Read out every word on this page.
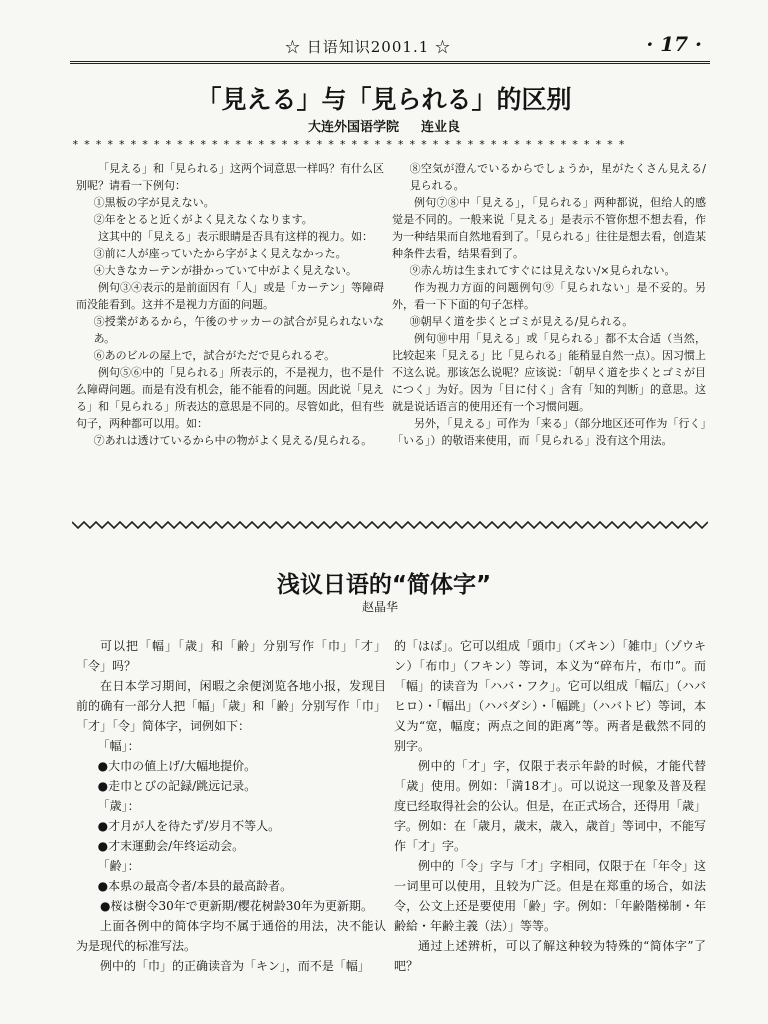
☆ 日语知识2001.1 ☆	· 17 ·
「見える」与「見られる」的区别
大连外国语学院 连业良
************************************************

「見える」和「見られる」这两个词意思一样吗？有什么区别呢？请看一下例句：

①黒板の字が見えない。

②年をとると近くがよく見えなくなります。

这其中的「見える」表示眼睛是否具有这样的视力。如：

③前に人が座っていたから字がよく見えなかった。

④大きなカーテンが掛かっていて中がよく見えない。

例句③④表示的是前面因有「人」或是「カーテン」等障碍而没能看到。这并不是视力方面的问题。

⑤授業があるから，午後のサッカーの試合が見られないなあ。

⑥あのビルの屋上で，試合がただで見られるぞ。

例句⑤⑥中的「見られる」所表示的，不是视力，也不是什么障碍问题。而是有没有机会，能不能看的问题。因此说「見える」和「見られる」所表达的意思是不同的。尽管如此，但有些句子，两种都可以用。如：

⑦あれは透けているから中の物がよく見える/見られる。

⑧空気が澄んでいるからでしょうか，星がたくさん見える/見られる。

例句⑦⑧中「見える」，「見られる」两种都说，但给人的感觉是不同的。一般来说「見える」是表示不管你想不想去看，作为一种结果而自然地看到了。「見られる」往往是想去看，创造某种条件去看，结果看到了。

⑨赤ん坊は生まれてすぐには見えない/×見られない。

作为视力方面的问题例句⑨「見られない」是不妥的。另外，看一下下面的句子怎样。

⑩朝早く道を歩くとゴミが見える/見られる。

例句⑩中用「見える」或「見られる」都不太合适（当然，比较起来「見える」比「見られる」能稍显自然一点）。因习惯上不这么说。那该怎么说呢？应该说：「朝早く道を歩くとゴミが目につく」为好。因为「目に付く」含有「知的判断」的意思。这就是说话语言的使用还有一个习惯问题。

另外，「見える」可作为「来る」（部分地区还可作为「行く」「いる」）的敬语来使用，而「見られる」没有这个用法。

浅议日语的“简体字”
赵晶华

可以把「幅」「歳」和「齢」分别写作「巾」「才」「令」吗？

在日本学习期间，闲暇之余便浏览各地小报，发现目前的确有一部分人把「幅」「歳」和「齢」分别写作「巾」「才」「令」简体字，词例如下：

「幅」：

●大巾の値上げ/大幅地提价。

●走巾とびの記録/跳远记录。

「歳」：

●才月が人を待たず/岁月不等人。

●才末運動会/年终运动会。

「齢」：

●本県の最高令者/本县的最高龄者。

●桜は樹令30年で更新期/樱花树龄30年为更新期。

上面各例中的简体字均不属于通俗的用法，决不能认为是现代的标准写法。

例中的「巾」的正确读音为「キン」，而不是「幅」

的「はば」。它可以组成「頭巾」（ズキン）「雑巾」（ゾウキン）「布巾」（フキン）等词，本义为“碎布片，布巾”。而「幅」的读音为「ハバ・フク」。它可以组成「幅広」（ハバヒロ）・「幅出」（ハバダシ）・「幅跳」（ハバトビ）等词，本义为“宽，幅度；两点之间的距离”等。两者是截然不同的别字。

例中的「才」字，仅限于表示年龄的时候，才能代替「歳」使用。例如：「満18才」。可以说这一现象及普及程度已经取得社会的公认。但是，在正式场合，还得用「歳」字。例如：在「歳月，歳末，歳入，歳首」等词中，不能写作「才」字。

例中的「令」字与「才」字相同，仅限于在「年令」这一词里可以使用，且较为广泛。但是在郑重的场合，如法令，公文上还是要使用「齢」字。例如：「年齢階梯制・年齢給・年齢主義（法）」等等。

通过上述辨析，可以了解这种较为特殊的“简体字”了吧？
